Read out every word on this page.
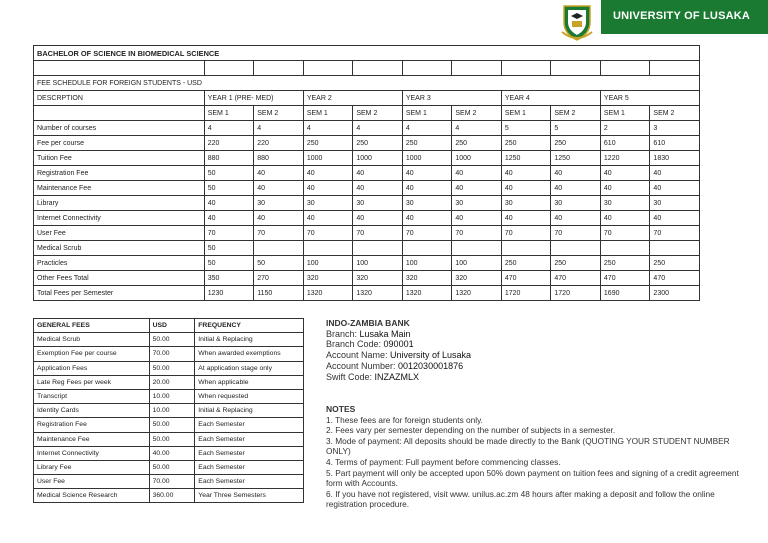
UNIVERSITY OF LUSAKA
BACHELOR OF SCIENCE IN BIOMEDICAL SCIENCE										

FEE SCHEDULE FOR FOREIGN STUDENTS - USD										
DESCRPTION	YEAR 1 (PRE- MED)		YEAR 2		YEAR 3		YEAR 4		YEAR 5	
	SEM 1	SEM 2	SEM 1	SEM 2	SEM 1	SEM 2	SEM 1	SEM 2	SEM 1	SEM 2
Number of courses	4	4	4	4	4	4	5	5	2	3
Fee per course	220	220	250	250	250	250	250	250	610	610
Tuition Fee	880	880	1000	1000	1000	1000	1250	1250	1220	1830
Registration Fee	50	40	40	40	40	40	40	40	40	40
Maintenance Fee	50	40	40	40	40	40	40	40	40	40
Library	40	30	30	30	30	30	30	30	30	30
Internet Connectivity	40	40	40	40	40	40	40	40	40	40
User Fee	70	70	70	70	70	70	70	70	70	70
Medical Scrub	50									
Practicles	50	50	100	100	100	100	250	250	250	250
Other Fees Total	350	270	320	320	320	320	470	470	470	470
Total Fees per Semester	1230	1150	1320	1320	1320	1320	1720	1720	1690	2300
GENERAL FEES	USD	FREQUENCY
Medical Scrub	50.00	Initial & Replacing
Exemption Fee per course	70.00	When awarded exemptions
Application Fees	50.00	At application stage only
Late Reg Fees per week	20.00	When applicable
Transcript	10.00	When requested
Identity Cards	10.00	Initial & Replacing
Registration Fee	50.00	Each Semester
Maintenance Fee	50.00	Each Semester
Internet Connectivity	40.00	Each Semester
Library Fee	50.00	Each Semester
User Fee	70.00	Each Semester
Medical Science Research	360.00	Year Three Semesters
INDO-ZAMBIA BANK
Branch: Lusaka Main
Branch Code: 090001
Account Name: University of Lusaka
Account Number: 0012030001876
Swift Code: INZAZMLX
NOTES
1. These fees are for foreign students only.
2. Fees vary per semester depending on the number of subjects in a semester.
3. Mode of payment: All deposits should be made directly to the Bank (QUOTING YOUR STUDENT NUMBER ONLY)
4. Terms of payment: Full payment before commencing classes.
5. Part payment will only be accepted upon 50% down payment on tuition fees and signing of a credit agreement form with Accounts.
6. If you have not registered, visit www. unilus.ac.zm 48 hours after making a deposit and follow the online registration procedure.
